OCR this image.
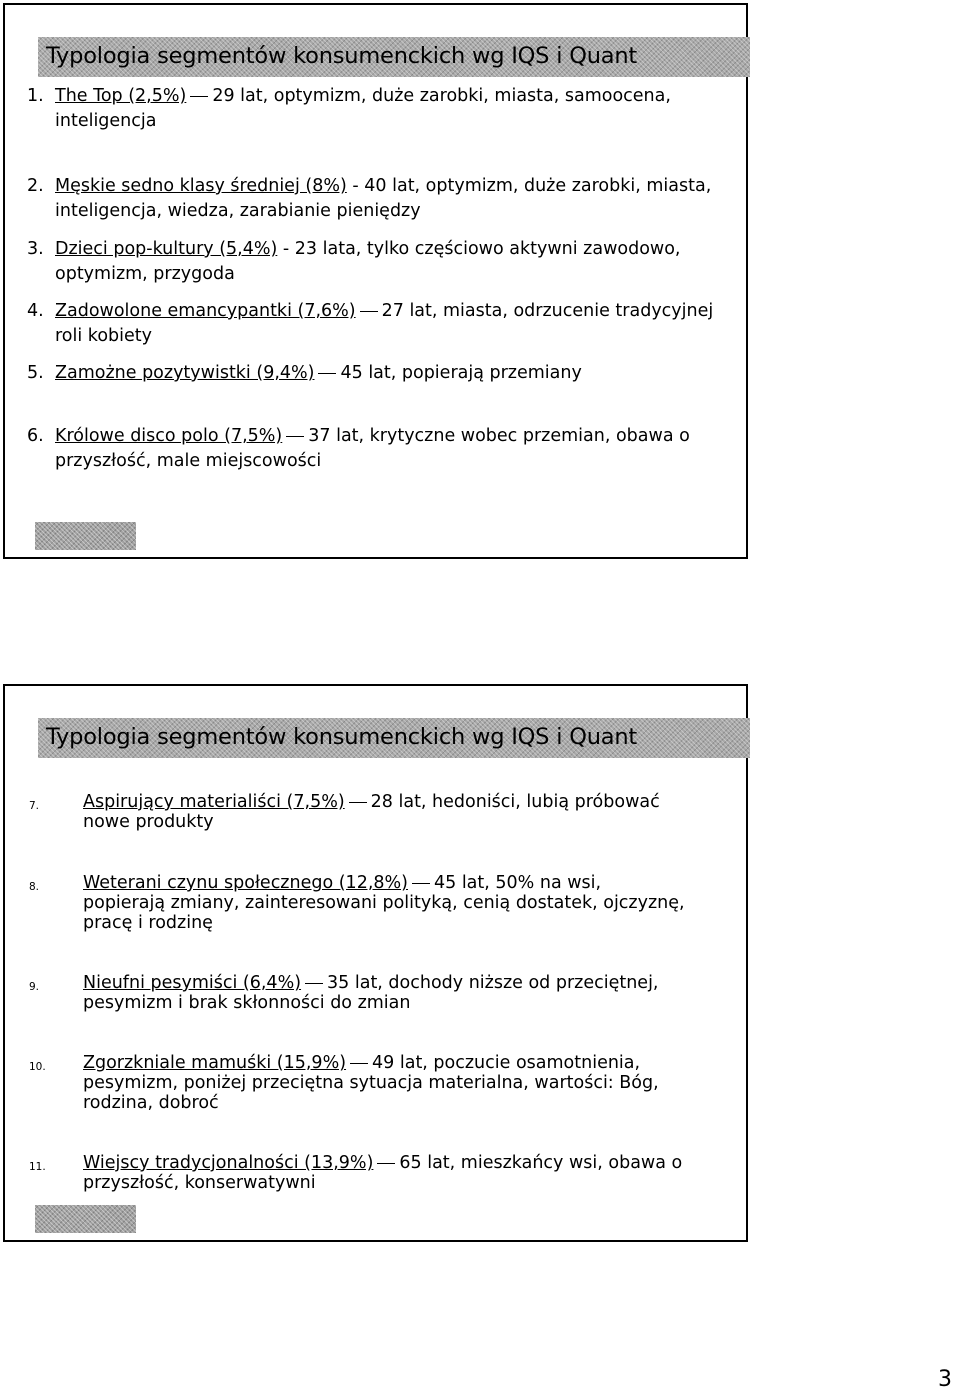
Typologia segmentów konsumenckich wg IQS i Quant
1. The Top (2,5%) 29 lat, optymizm, duże zarobki, miasta, samoocena,
inteligencja
2. Męskie sedno klasy średniej (8%) - 40 lat, optymizm, duże zarobki, miasta,
inteligencja, wiedza, zarabianie pieniędzy
3. Dzieci pop-kultury (5,4%) - 23 lata, tylko częściowo aktywni zawodowo,
optymizm, przygoda
4. Zadowolone emancypantki (7,6%) 27 lat, miasta, odrzucenie tradycyjnej
roli kobiety
5. Zamożne pozytywistki (9,4%) 45 lat, popierają przemiany
6. Królowe disco polo (7,5%) 37 lat, krytyczne wobec przemian, obawa o
przyszłość, male miejscowości
Typologia segmentów konsumenckich wg IQS i Quant
7.	Aspirujący materialiści (7,5%) 28 lat, hedoniści, lubią próbować
nowe produkty
8.	Weterani czynu społecznego (12,8%) 45 lat, 50% na wsi,
popierają zmiany, zainteresowani polityką, cenią dostatek, ojczyznę,
pracę i rodzinę
9.	Nieufni pesymiści (6,4%) 35 lat, dochody niższe od przeciętnej,
pesymizm i brak skłonności do zmian
10.	Zgorzkniale mamuśki (15,9%) 49 lat, poczucie osamotnienia,
pesymizm, poniżej przeciętna sytuacja materialna, wartości: Bóg,
rodzina, dobroć
11.	Wiejscy tradycjonalności (13,9%) 65 lat, mieszkańcy wsi, obawa o
przyszłość, konserwatywni
3
